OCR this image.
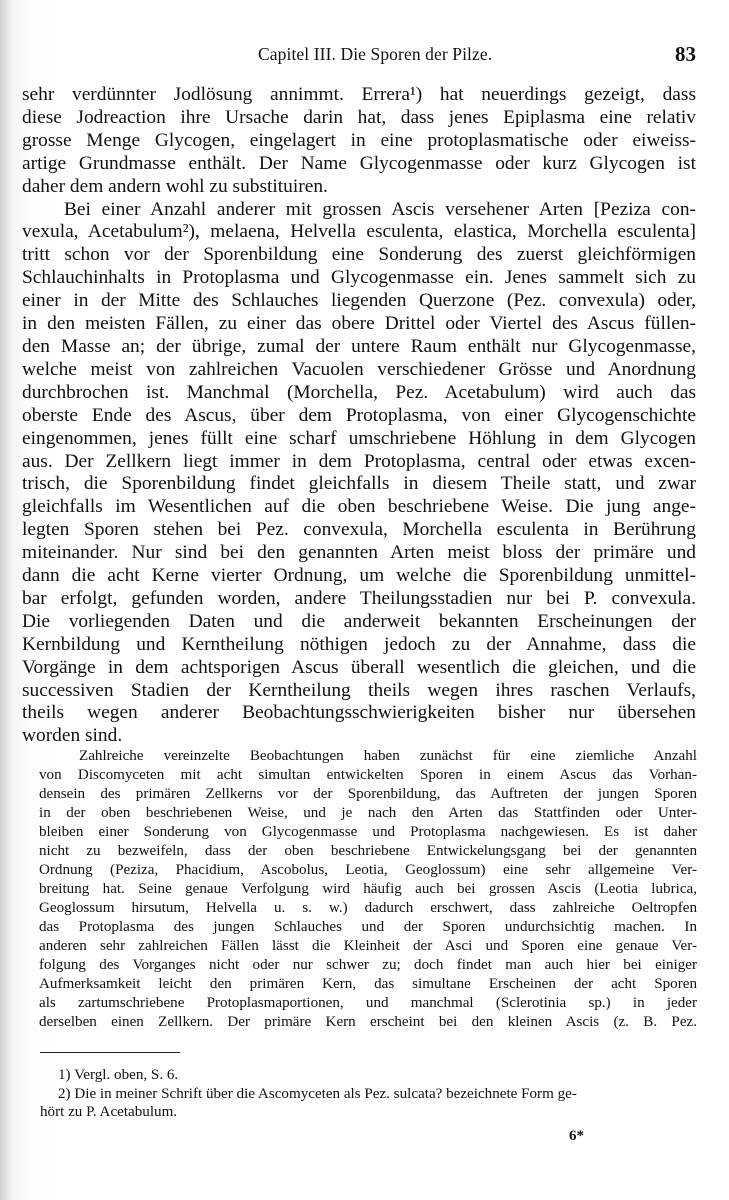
Capitel III. Die Sporen der Pilze.	83

sehr verdünnter Jodlösung annimmt. Errera¹) hat neuerdings gezeigt, dass

diese Jodreaction ihre Ursache darin hat, dass jenes Epiplasma eine relativ

grosse Menge Glycogen, eingelagert in eine protoplasmatische oder eiweiss-

artige Grundmasse enthält. Der Name Glycogenmasse oder kurz Glycogen ist

daher dem andern wohl zu substituiren.

Bei einer Anzahl anderer mit grossen Ascis versehener Arten [Peziza con-

vexula, Acetabulum²), melaena, Helvella esculenta, elastica, Morchella esculenta]

tritt schon vor der Sporenbildung eine Sonderung des zuerst gleichförmigen

Schlauchinhalts in Protoplasma und Glycogenmasse ein. Jenes sammelt sich zu

einer in der Mitte des Schlauches liegenden Querzone (Pez. convexula) oder,

in den meisten Fällen, zu einer das obere Drittel oder Viertel des Ascus füllen-

den Masse an; der übrige, zumal der untere Raum enthält nur Glycogenmasse,

welche meist von zahlreichen Vacuolen verschiedener Grösse und Anordnung

durchbrochen ist. Manchmal (Morchella, Pez. Acetabulum) wird auch das

oberste Ende des Ascus, über dem Protoplasma, von einer Glycogenschichte

eingenommen, jenes füllt eine scharf umschriebene Höhlung in dem Glycogen

aus. Der Zellkern liegt immer in dem Protoplasma, central oder etwas excen-

trisch, die Sporenbildung findet gleichfalls in diesem Theile statt, und zwar

gleichfalls im Wesentlichen auf die oben beschriebene Weise. Die jung ange-

legten Sporen stehen bei Pez. convexula, Morchella esculenta in Berührung

miteinander. Nur sind bei den genannten Arten meist bloss der primäre und

dann die acht Kerne vierter Ordnung, um welche die Sporenbildung unmittel-

bar erfolgt, gefunden worden, andere Theilungsstadien nur bei P. convexula.

Die vorliegenden Daten und die anderweit bekannten Erscheinungen der

Kernbildung und Kerntheilung nöthigen jedoch zu der Annahme, dass die

Vorgänge in dem achtsporigen Ascus überall wesentlich die gleichen, und die

successiven Stadien der Kerntheilung theils wegen ihres raschen Verlaufs,

theils wegen anderer Beobachtungsschwierigkeiten bisher nur übersehen

worden sind.

Zahlreiche vereinzelte Beobachtungen haben zunächst für eine ziemliche Anzahl

von Discomyceten mit acht simultan entwickelten Sporen in einem Ascus das Vorhan-

densein des primären Zellkerns vor der Sporenbildung, das Auftreten der jungen Sporen

in der oben beschriebenen Weise, und je nach den Arten das Stattfinden oder Unter-

bleiben einer Sonderung von Glycogenmasse und Protoplasma nachgewiesen. Es ist daher

nicht zu bezweifeln, dass der oben beschriebene Entwickelungsgang bei der genannten

Ordnung (Peziza, Phacidium, Ascobolus, Leotia, Geoglossum) eine sehr allgemeine Ver-

breitung hat. Seine genaue Verfolgung wird häufig auch bei grossen Ascis (Leotia lubrica,

Geoglossum hirsutum, Helvella u. s. w.) dadurch erschwert, dass zahlreiche Oeltropfen

das Protoplasma des jungen Schlauches und der Sporen undurchsichtig machen. In

anderen sehr zahlreichen Fällen lässt die Kleinheit der Asci und Sporen eine genaue Ver-

folgung des Vorganges nicht oder nur schwer zu; doch findet man auch hier bei einiger

Aufmerksamkeit leicht den primären Kern, das simultane Erscheinen der acht Sporen

als zartumschriebene Protoplasmaportionen, und manchmal (Sclerotinia sp.) in jeder

derselben einen Zellkern. Der primäre Kern erscheint bei den kleinen Ascis (z. B. Pez.

1) Vergl. oben, S. 6.

2) Die in meiner Schrift über die Ascomyceten als Pez. sulcata? bezeichnete Form ge-

hört zu P. Acetabulum.

6*
